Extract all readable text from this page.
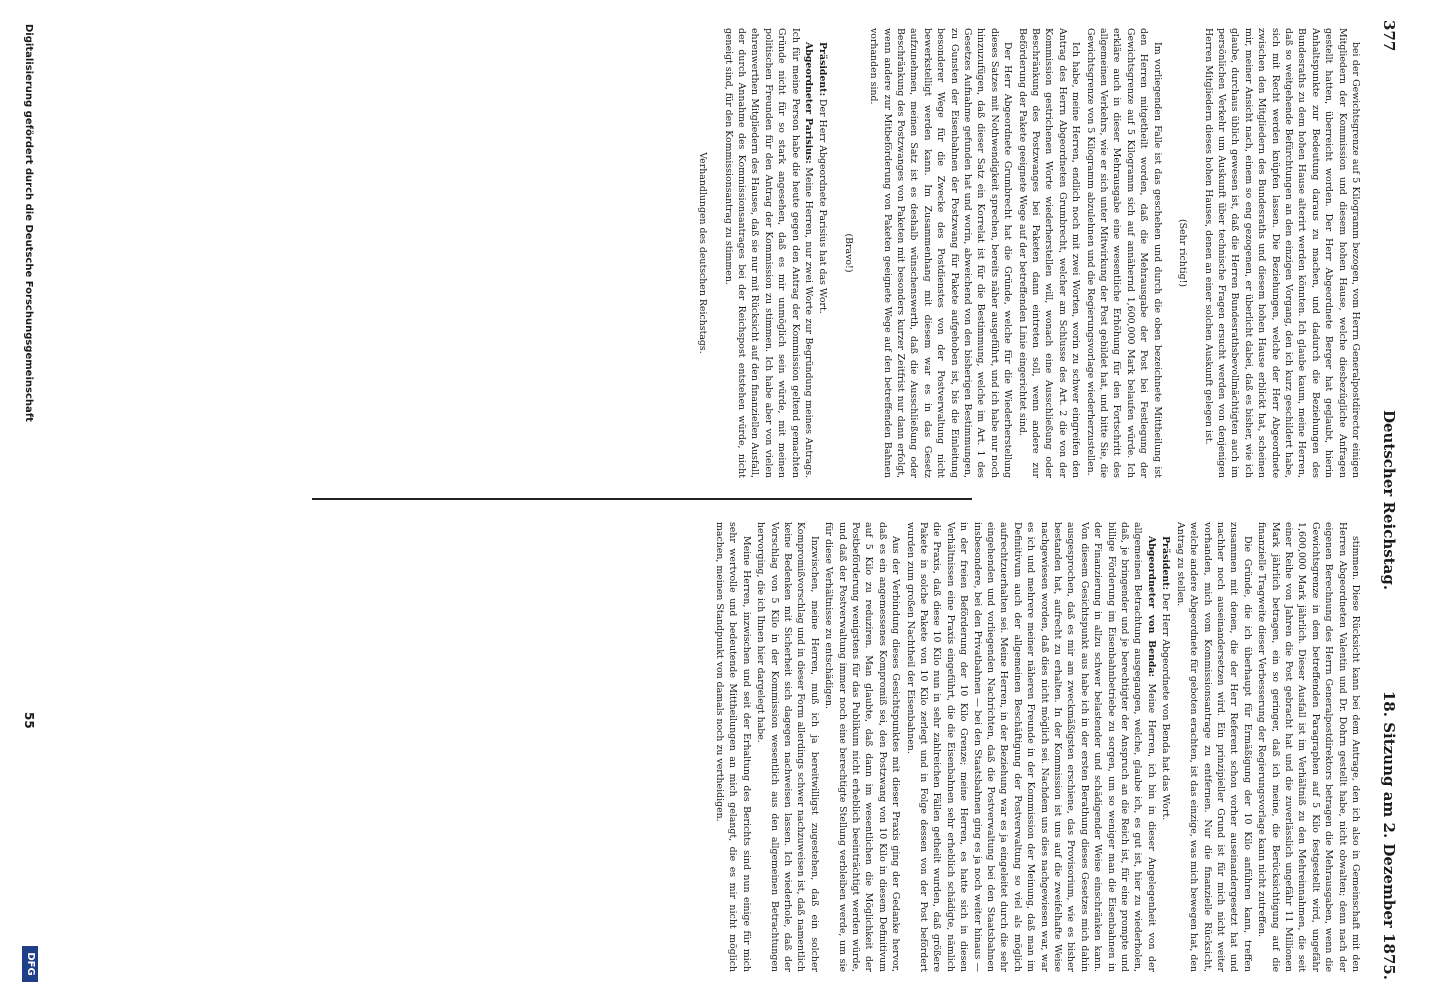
377
Deutscher Reichstag.
18. Sitzung am 2. Dezember 1875.

stimmen. Diese Rücksicht kann bei dem Antrage, den ich also in Gemeinschaft mit den Herren Abgeordneten Valentin und Dr. Dohrn gestellt habe, nicht obwalten; denn nach der eigenen Berechnung des Herrn Generalpostdirektors betragen die Mehrausgaben, wenn die Gewichtsgrenze in dem betreffenden Paragraphen auf 5 Kilo festgestellt wird, ungefähr 1,600,000 Mark jährlich. Dieser Ausfall ist im Verhältniß zu den Mehreinnahmen, die seit einer Reihe von Jahren die Post gebracht hat und die zuverlässlich ungefähr 11 Millionen Mark jährlich betragen, ein so geringer, daß ich meine, die Berücksichtigung auf die finanzielle Tragweite dieser Verbesserung der Regierungsvorlage kann nicht zutreffen.

Die Gründe, die ich überhaupt für Ermäßigung der 10 Kilo anführen kann, treffen zusammen mit denen, die der Herr Referent schon vorher auseinandergesetzt hat und nachher noch auseinandersetzen wird. Ein prinzipieller Grund ist für mich nicht weiter vorhanden, mich vom Kommissionsantrage zu entfernen. Nur die finanzielle Rücksicht, welche andere Abgeordnete für geboten erachten, ist das einzige, was mich bewegen hat, den Antrag zu stellen.

Präsident: Der Herr Abgeordnete von Benda hat das Wort.

Abgeordneter von Benda: Meine Herren, ich bin in dieser Angelegenheit von der allgemeinen Betrachtung ausgegangen, welche, glaube ich, es gut ist, hier zu wiederholen, daß, je bringender und je berechtigter der Anspruch an die Reich ist, für eine prompte und billige Förderung im Eisenbahnbetriebe zu sorgen, um so weniger man die Eisenbahnen in der Finanzierung in allzu schwer belastender und schädigender Weise einschränken kann. Von diesem Gesichtspunkt aus habe ich in der ersten Berathung dieses Gesetzes mich dahin ausgesprochen, daß es mir am zweckmäßigsten erschiene, das Provisorium, wie es bisher bestanden hat, aufrecht zu erhalten. In der Kommission ist uns auf die zweifelhafte Weise nachgewiesen worden, daß dies nicht möglich sei. Nachdem uns dies nachgewiesen war, war es ich und mehrere meiner näheren Freunde in der Kommission der Meinung, daß man im Definitivum auch der allgemeinen Beschäftigung der Postverwaltung so viel als möglich aufrechtzuerhalten sei. Meine Herren, in der Beziehung war es ja eingeleitet durch die sehr eingehenden und vorliegenden Nachrichten, daß die Postverwaltung bei den Staatsbahnen insbesondere, bei den Privatbahnen — bei den Staatsbahnen ging es ja noch weiter hinaus — in der freien Beförderung der 10 Kilo Grenze; meine Herren, es hatte sich in diesen Verhältnissen eine Praxis eingeführt, die die Eisenbahnen sehr erheblich schädigte, nämlich die Praxis, daß diese 10 Kilo nun in sehr zahlreichen Fällen getheilt wurden, daß größere Pakete in solche Pakete von 10 Kilo zerlegt und in Folge dessen von der Post befördert wurden zum großen Nachtheil der Eisenbahnen.

Aus der Verbindung dieses Gesichtspunktes mit dieser Praxis ging der Gedanke hervor, daß es ein angemessenes Kompromiß sei, den Postzwang von 10 Kilo in diesem Definitivum auf 5 Kilo zu reduziren. Man glaubte, daß dann im wesentlichen die Möglichkeit der Postbeförderung wenigstens für das Publikum nicht erheblich beeinträchtigt werden würde, und daß der Postverwaltung immer noch eine berechtigte Stellung verbleiben werde, um sie für diese Verhältnisse zu entschädigen.

Inzwischen, meine Herren, muß ich ja bereitwilligst zugestehen, daß ein solcher Kompromißvorschlag und in dieser Form allerdings schwer nachzuweisen ist, daß namentlich keine Bedenken mit Sicherheit sich dagegen nachweisen lassen. Ich wiederhole, daß der Vorschlag von 5 Kilo in der Kommission wesentlich aus den allgemeinen Betrachtungen hervorging, die ich Ihnen hier dargelegt habe.

Meine Herren, inzwischen und seit der Erhaltung des Berichts sind nun einige für mich sehr wertvolle und bedeutende Mittheilungen an mich gelangt, die es mir nicht möglich machen, meinen Standpunkt von damals noch zu vertheidigen.

bei der Gewichtsgrenze auf 5 Kilogramm bezogen, vom Herrn Generalpostdirector einigen Mitgliedern der Kommission und diesem hohen Hause, welche diesbezügliche Anfragen gestellt hatten, überreicht worden. Der Herr Abgeordnete Berger hat geglaubt, hierin Anhaltspunkte zur Bedeutung daraus zu machen, und dadurch die Beziehungen des Bundesraths zu dem hohen Hause alterirt werden könnten. Ich glaube kaum, meine Herren, daß so weitgehende Befürchtungen an den einzigen Vorgang, den ich kurz geschildert habe, sich mit Recht werden knüpfen lassen. Die Beziehungen, welche der Herr Abgeordnete zwischen den Mitgliedern des Bundesraths und diesem hohen Hause erblickt hat, scheinen mir, meiner Ansicht nach, einem so eng gezogenen, er überlicht dabei, daß es bisher, wie ich glaube, durchaus üblich gewesen ist, daß die Herren Bundesrathsbevollmächtigten auch im persönlichen Verkehr um Auskunft über technische Fragen ersucht werden von denjenigen Herren Mitgliedern dieses hohen Hauses, denen an einer solchen Auskunft gelegen ist.

(Sehr richtig!)

Im vorliegenden Falle ist das geschehen und durch die oben bezeichnete Mittheilung ist den Herren mitgetheilt worden, daß die Mehrausgabe der Post bei Festlegung der Gewichtsgrenze auf 5 Kilogramm sich auf annähernd 1,600,000 Mark belaufen würde. Ich erkläre auch in dieser Mehrausgabe eine wesentliche Erhöhung für den Fortschritt des allgemeinen Verkehrs, wie er sich unter Mitwirkung der Post gebildet hat, und bitte Sie, die Gewichtsgrenze von 5 Kilogramm abzulehnen und die Regierungsvorlage wiederherzustellen.

Ich habe, meine Herren, endlich noch mit zwei Worten, worin zu schwer eingreifen den Antrag des Herrn Abgeordneten Grumbrecht, welcher am Schlusse des Art. 2 die von der Kommission gestrichenen Worte wiederherstellen will, wonach eine Ausschließung oder Beschränkung des Postzwanges bei Paketen dann eintreten soll, wenn andere zur Beförderung der Pakete geeignete Wege auf der betreffenden Linie eingerichtet sind.

Der Herr Abgeordnete Grumbrecht hat die Gründe, welche für die Wiederherstellung dieses Satzes mit Nothwendigkeit sprechen, bereits näher ausgeführt, und ich habe nur noch hinzuzufügen, daß dieser Satz ein Korrelat ist für die Bestimmung, welche im Art. 1 des Gesetzes Aufnahme gefunden hat und worin, abweichend von den bisherigen Bestimmungen, zu Gunsten der Eisenbahnen der Postzwang für Pakete aufgehoben ist, bis die Einleitung besonderer Wege für die Zwecke des Postdienstes von der Postverwaltung nicht bewerkstelligt werden kann. Im Zusammenhang mit diesem war es in das Gesetz aufzunehmen, meinen Satz ist es deshalb wünschenswerth, daß die Ausschließung oder Beschränkung des Postzwanges von Paketen mit besonders kurzer Zeitfrist nur dann erfolgt, wenn andere zur Mitbeförderung von Paketen geeignete Wege auf den betreffenden Bahnen vorhanden sind.

(Bravo!)

Präsident: Der Herr Abgeordnete Parisius hat das Wort.

Abgeordneter Parisius: Meine Herren, nur zwei Worte zur Begründung meines Antrags. Ich für meine Person habe die heute gegen den Antrag der Kommission geltend gemachten Gründe nicht für so stark angesehen, daß es mir unmöglich sein würde, mit meinen politischen Freunden für den Antrag der Kommission zu stimmen. Ich habe aber von vielen ehrenwerthen Mitgliedern des Hauses, daß sie nur mit Rücksicht auf den finanziellen Ausfall, der durch Annahme des Kommissionsantrages bei der Reichspost entstehen würde, nicht geneigt sind, für den Kommissionsantrag zu stimmen.

Verhandlungen des deutschen Reichstags.

Digitalisierung gefördert durch die Deutsche Forschungsgemeinschaft
55
DFG
